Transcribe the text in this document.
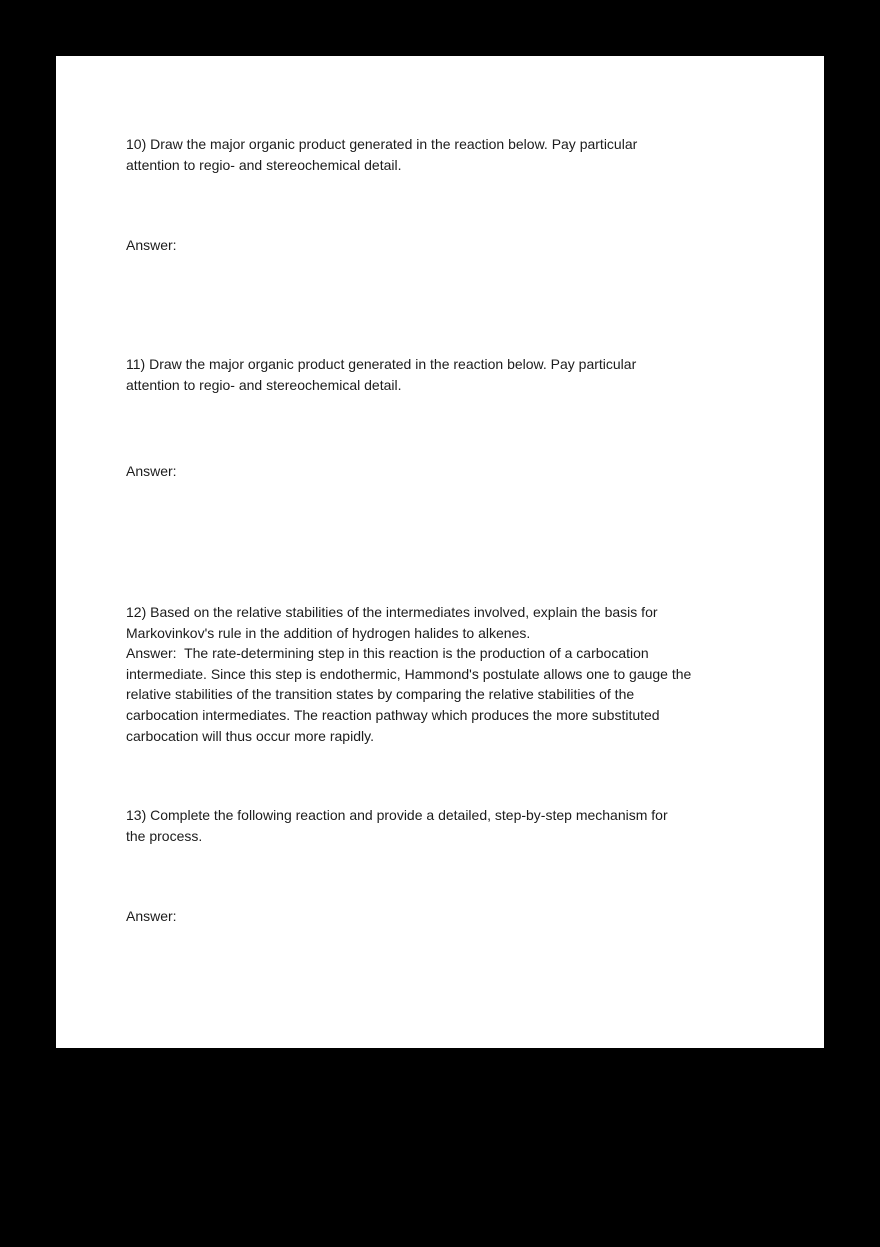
10) Draw the major organic product generated in the reaction below. Pay particular
attention to regio- and stereochemical detail.
Answer:
11) Draw the major organic product generated in the reaction below. Pay particular
attention to regio- and stereochemical detail.
Answer:
12) Based on the relative stabilities of the intermediates involved, explain the basis for
Markovinkov's rule in the addition of hydrogen halides to alkenes.
Answer:  The rate-determining step in this reaction is the production of a carbocation
intermediate. Since this step is endothermic, Hammond's postulate allows one to gauge the
relative stabilities of the transition states by comparing the relative stabilities of the
carbocation intermediates. The reaction pathway which produces the more substituted
carbocation will thus occur more rapidly.
13) Complete the following reaction and provide a detailed, step-by-step mechanism for
the process.
Answer:
